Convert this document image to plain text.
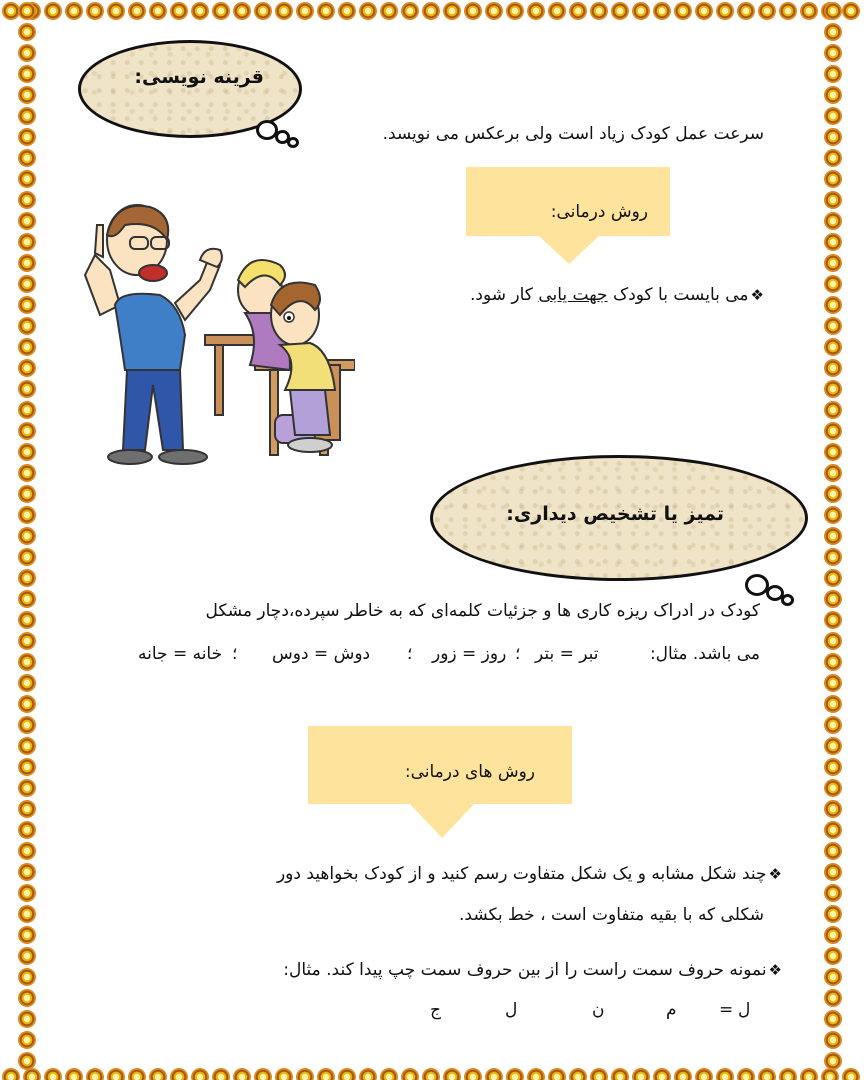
قرینه نویسی:
سرعت عمل کودک زیاد است ولی برعکس می نویسد.
روش درمانی:
❖می بایست با کودک جهت یابی کار شود.
تمیز یا تشخیص دیداری:
کودک در ادراک ریزه کاری ها و جزئیات کلمه‌ای که به خاطر سپرده،دچار مشکل
می باشد. مثال:
تبر = بتر
؛
روز = زور
؛
دوش = دوس
؛
خانه = جانه
روش های درمانی:
❖چند شکل مشابه و یک شکل متفاوت رسم کنید و از کودک بخواهید دور
شکلی که با بقیه متفاوت است ، خط بکشد.
❖نمونه حروف سمت راست را از بین حروف سمت چپ پیدا کند. مثال:
ل
=
م
ن
ل
ج
